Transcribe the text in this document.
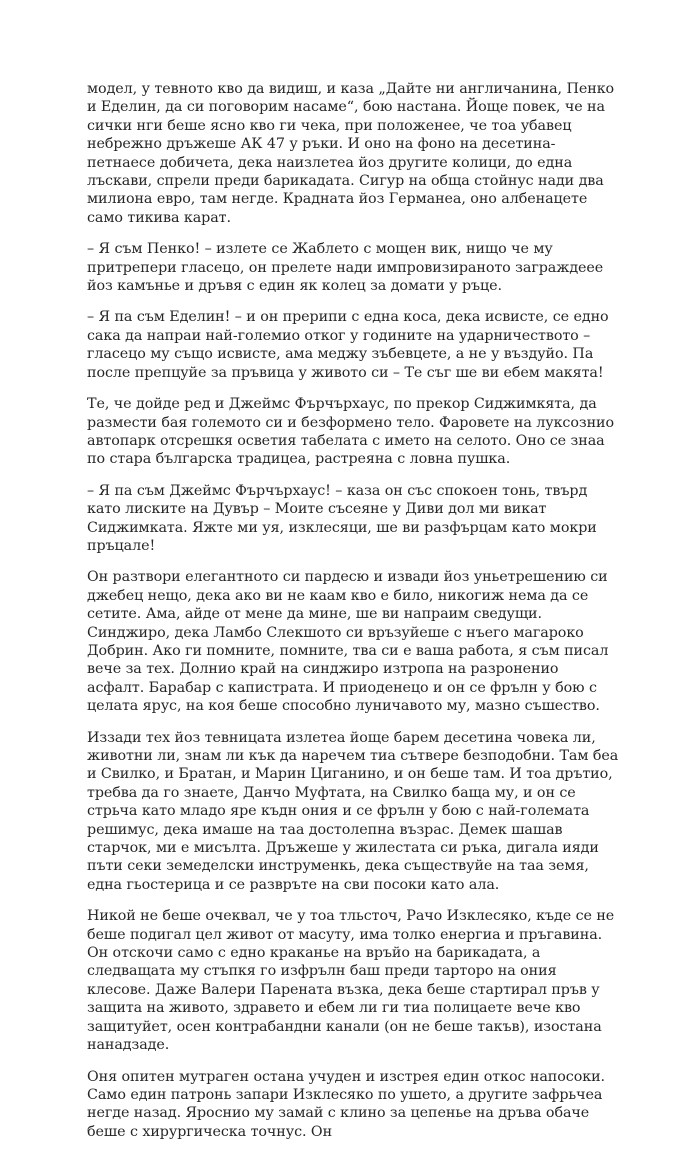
модел, у тевното кво да видиш, и каза „Дайте ни англичанина, Пенко и Еделин, да си поговорим насаме“, бою настана. Йоще повек, че на сички нги беше ясно кво ги чека, при положенее, че тоа убавец небрежно дръжеше АК 47 у ръки. И оно на фоно на десетина-петнаесе добичета, дека наизлетеа йоз другите колици, до една лъскави, спрели преди барикадата. Сигур на обща стойнус нади два милиона евро, там негде. Крадната йоз Германеа, оно албенацете само тикива карат.

– Я съм Пенко! – излете се Жаблето с мощен вик, нищо че му притрепери гласецо, он прелете нади импровизираното заграждеее йоз камънье и дръвя с един як колец за домати у ръце.

– Я па съм Еделин! – и он прерипи с една коса, дека исвисте, се едно сака да напраи най-големио отког у годините на ударничеството – гласецо му също исвисте, ама меджу зъбевцете, а не у въздуйо. Па после препцуйе за пръвица у живото си – Те съг ше ви ебем макята!

Те, че дойде ред и Джеймс Фърчърхаус, по прекор Сиджимкята, да размести бая големото си и безформено тело. Фаровете на луксозниo автопарк отсрешкя осветия табелата с името на селото. Оно се знаа по стара българска традицеа, растреяна с ловна пушка.

– Я па съм Джеймс Фърчърхаус! – каза он със спокоен тонь, твърд като лиските на Дувър – Моите съсеяне у Диви дол ми викат Сиджимката. Яжте ми уя, изклесяци, ше ви разфърцам като мокри пръцале!

Он разтвори елегантното си пардесю и извади йоз уньетрешению си джебец нещо, дека ако ви не каам кво е било, никогиж нема да се сетите. Ама, айде от мене да мине, ше ви напраим сведущи. Синджиро, дека Ламбо Слекшото си връзуйеше с нъего магароко Добрин. Ако ги помните, помните, тва си е ваша работа, я съм писал вече за тех. Долнио край на синджиро изтропа на разроненио асфалт. Барабар с капистрата. И приоденецо и он се фрълн у бою с целата ярус, на коя беше способно луничавото му, мазно съшество.

Иззади тех йоз тевницата излетеа йоще барем десетина човека ли, животни ли, знам ли кък да наречем тиа сътвере безподобни. Там беа и Свилко, и Братан, и Марин Циганино, и он беше там. И тоа дрътио, требва да го знаете, Данчо Муфтата, на Свилко баща му, и он се стрьча като младо яре къдн ония и се фрълн у бою с най-големата решимус, дека имаше на таа достолепна възрас. Демек шашав старчок, ми е мисълта. Дръжеше у жилестата си ръка, дигала ияди пъти секи земеделски инструменкь, дека съществуйе на таа земя, една гьостерица и се развръте на сви посоки като ала.

Никой не беше очеквал, че у тоа тльсточ, Рачо Изклесяко, къде се не беше подигал цел живот от масуту, има толко енергиа и пръгавина. Он отскочи само с едно краканье на връйо на барикадата, а следващата му стъпкя го изфрълн баш преди тартоpo на ония клесове. Даже Валери Парената възка, дека беше стартирал пръв у защита на живото, здравето и ебем ли ги тиа полицаете вече кво защитуйет, осен контрабандни канали (он не беше такъв), изостана нанадзаде.

Оня опитен мутраген остана учуден и изстрея един откос напосоки. Само един патронь запари Изклесяко по ушето, а другите зафрьчеа негде назад. Яросниo му замай с клино за цепенье на дръва обаче беше с хирургическа точнус. Он
